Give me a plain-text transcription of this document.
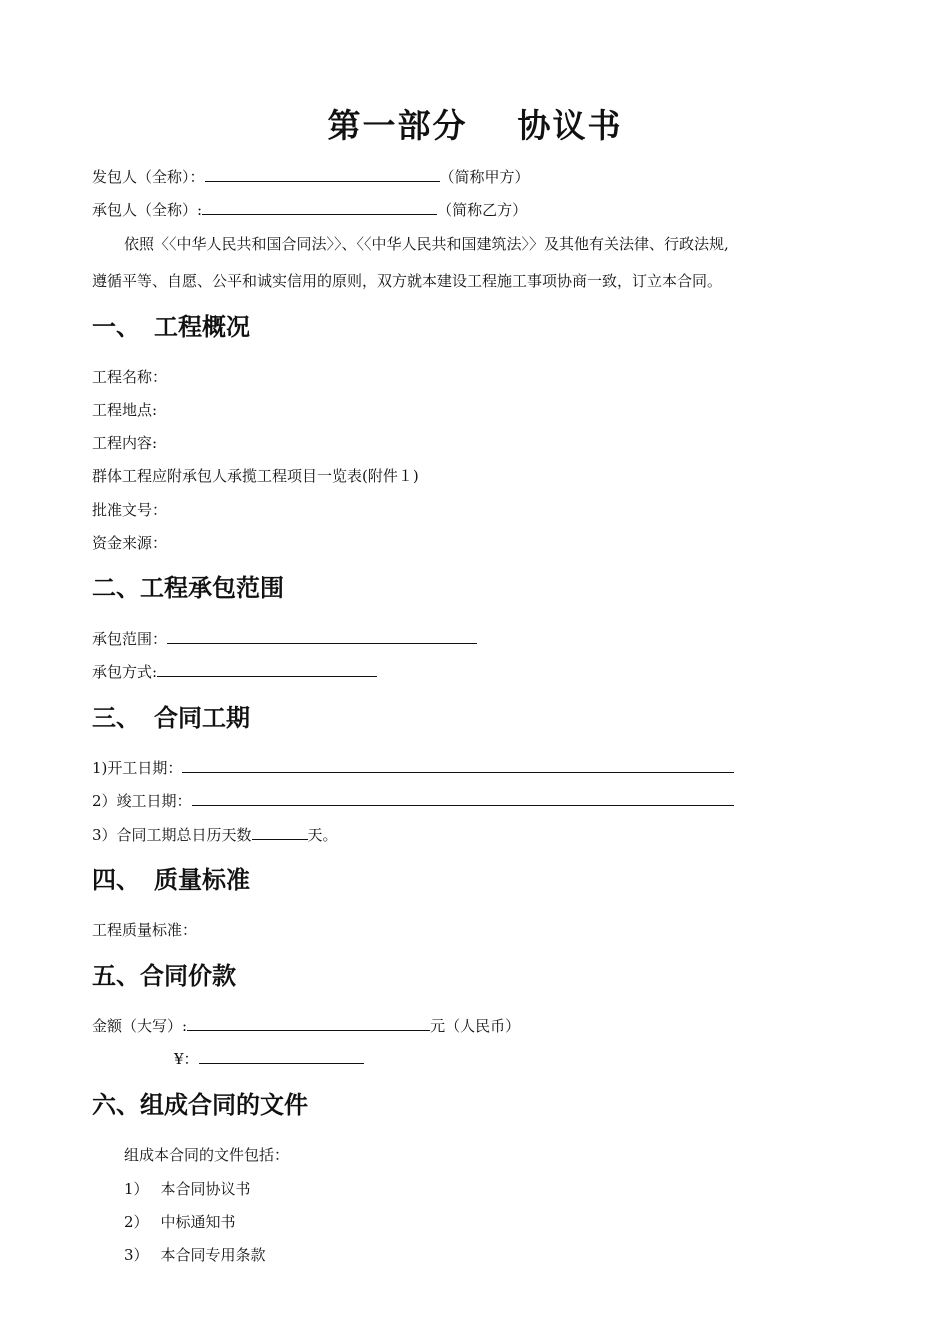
第一部分 协议书
发包人（全称）：	（简称甲方）
承包人（全称）:	（简称乙方）
依照〈〈中华人民共和国合同法〉〉、〈〈中华人民共和国建筑法〉〉及其他有关法律、行政法规,
遵循平等、自愿、公平和诚实信用的原则，双方就本建设工程施工事项协商一致，订立本合同。
一、 工程概况
工程名称：
工程地点:
工程内容:
群体工程应附承包人承揽工程项目一览表(附件１)
批准文号：
资金来源：
二、工程承包范围
承包范围：
承包方式:
三、 合同工期
1)开工日期：
2）竣工日期：
3）合同工期总日历天数	天。
四、 质量标准
工程质量标准：
五、合同价款
金额（大写）:	元（人民币）
¥：
六、组成合同的文件
组成本合同的文件包括：
1） 本合同协议书
2） 中标通知书
3） 本合同专用条款
